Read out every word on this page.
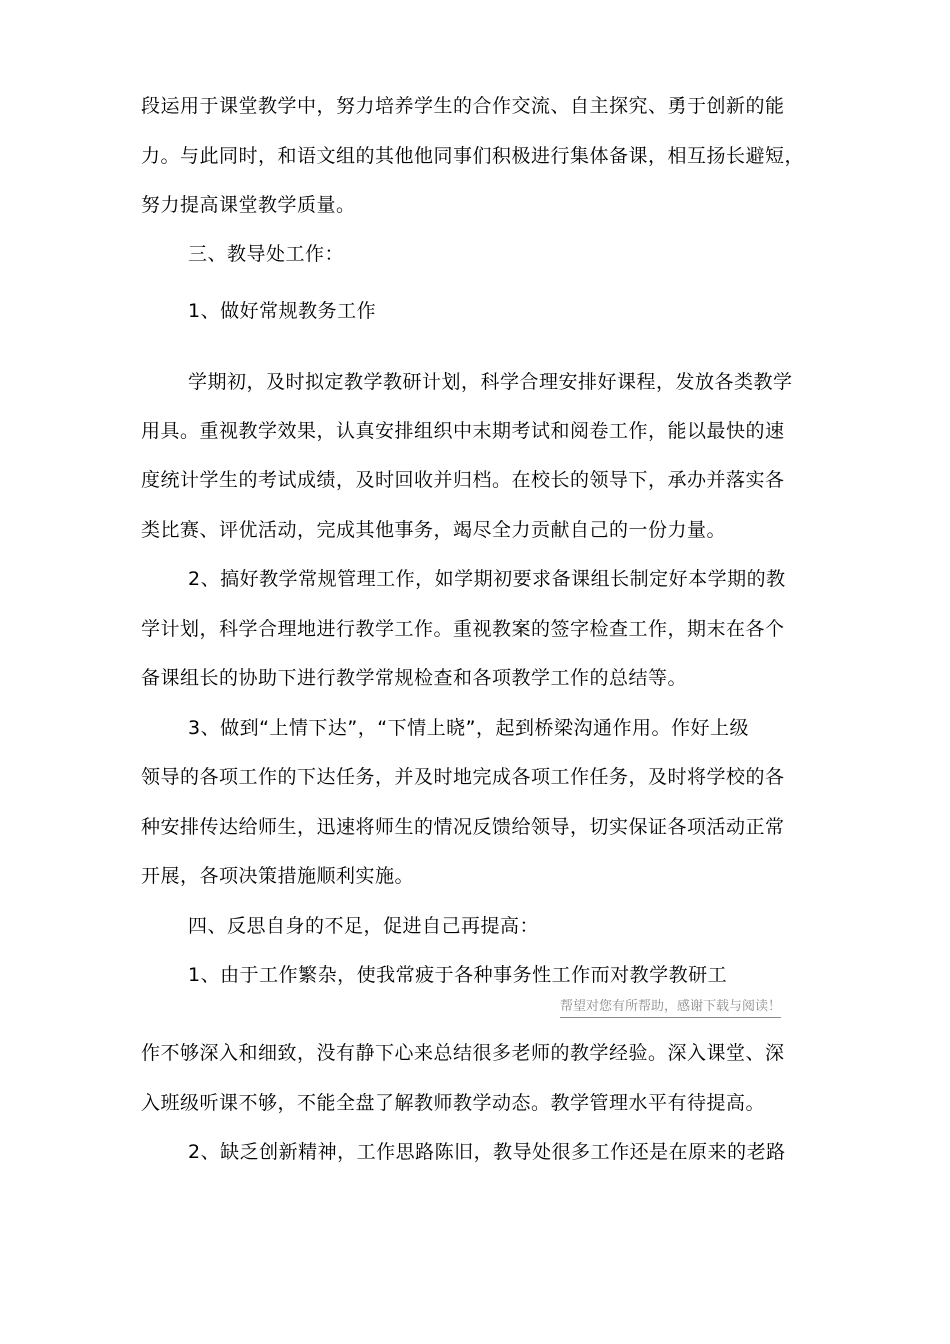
段运用于课堂教学中，努力培养学生的合作交流、自主探究、勇于创新的能
力。与此同时，和语文组的其他他同事们积极进行集体备课，相互扬长避短，
努力提高课堂教学质量。
三、教导处工作：
1、做好常规教务工作
学期初，及时拟定教学教研计划，科学合理安排好课程，发放各类教学
用具。重视教学效果，认真安排组织中末期考试和阅卷工作，能以最快的速
度统计学生的考试成绩，及时回收并归档。在校长的领导下，承办并落实各
类比赛、评优活动，完成其他事务，竭尽全力贡献自己的一份力量。
2、搞好教学常规管理工作，如学期初要求备课组长制定好本学期的教
学计划，科学合理地进行教学工作。重视教案的签字检查工作，期末在各个
备课组长的协助下进行教学常规检查和各项教学工作的总结等。
3、做到“上情下达”，“下情上晓”，起到桥梁沟通作用。作好上级
领导的各项工作的下达任务，并及时地完成各项工作任务，及时将学校的各
种安排传达给师生，迅速将师生的情况反馈给领导，切实保证各项活动正常
开展，各项决策措施顺利实施。
四、反思自身的不足，促进自己再提高：
1、由于工作繁杂，使我常疲于各种事务性工作而对教学教研工
帮望对您有所帮助，感谢下载与阅读！
作不够深入和细致，没有静下心来总结很多老师的教学经验。深入课堂、深
入班级听课不够，不能全盘了解教师教学动态。教学管理水平有待提高。
2、缺乏创新精神，工作思路陈旧，教导处很多工作还是在原来的老路
